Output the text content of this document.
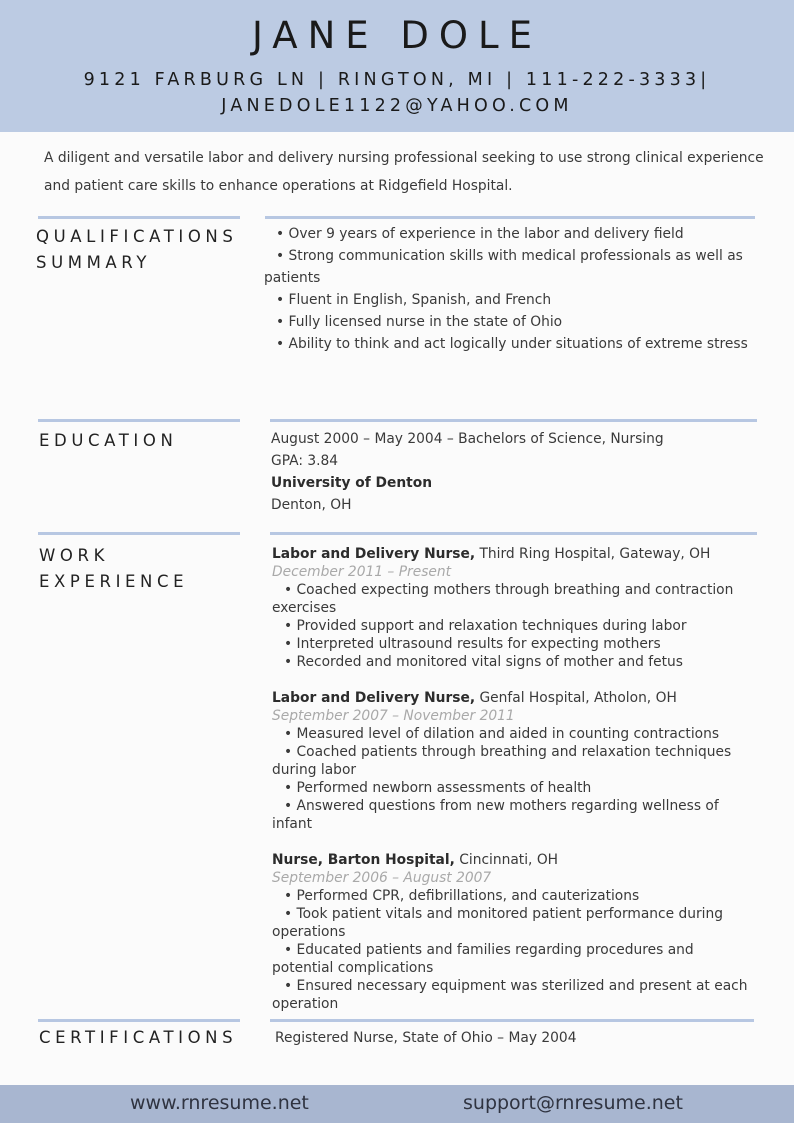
JANE DOLE
9121 FARBURG LN | RINGTON, MI | 111-222-3333|
JANEDOLE1122@YAHOO.COM
A diligent and versatile labor and delivery nursing professional seeking to use strong clinical experience and patient care skills to enhance operations at Ridgefield Hospital.
QUALIFICATIONS
SUMMARY
• Over 9 years of experience in the labor and delivery field
• Strong communication skills with medical professionals as well as patients
• Fluent in English, Spanish, and French
• Fully licensed nurse in the state of Ohio
• Ability to think and act logically under situations of extreme stress
EDUCATION	August 2000 – May 2004 – Bachelors of Science, Nursing
GPA: 3.84
University of Denton
Denton, OH
WORK
EXPERIENCE
Labor and Delivery Nurse, Third Ring Hospital, Gateway, OH
December 2011 – Present
• Coached expecting mothers through breathing and contraction exercises
• Provided support and relaxation techniques during labor
• Interpreted ultrasound results for expecting mothers
• Recorded and monitored vital signs of mother and fetus
Labor and Delivery Nurse, Genfal Hospital, Atholon, OH
September 2007 – November 2011
• Measured level of dilation and aided in counting contractions
• Coached patients through breathing and relaxation techniques during labor
• Performed newborn assessments of health
• Answered questions from new mothers regarding wellness of infant
Nurse, Barton Hospital, Cincinnati, OH
September 2006 – August 2007
• Performed CPR, defibrillations, and cauterizations
• Took patient vitals and monitored patient performance during operations
• Educated patients and families regarding procedures and potential complications
• Ensured necessary equipment was sterilized and present at each operation
CERTIFICATIONS	Registered Nurse, State of Ohio – May 2004
www.rnresume.net	support@rnresume.net
